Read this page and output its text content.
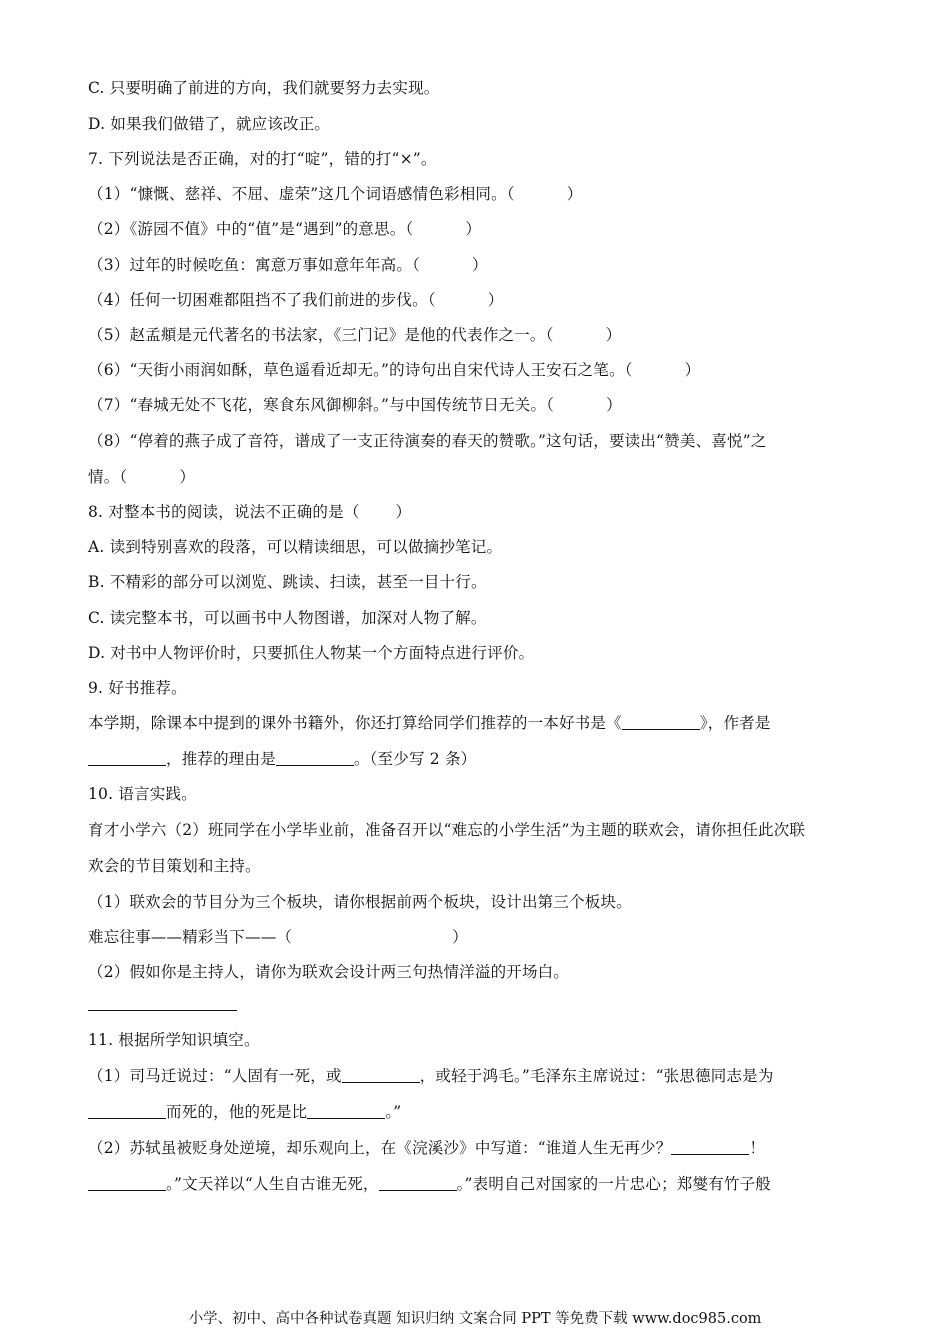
C. 只要明确了前进的方向，我们就要努力去实现。
D. 如果我们做错了，就应该改正。
7. 下列说法是否正确，对的打“啶”，错的打“×”。
（1）“慷慨、慈祥、不屈、虚荣”这几个词语感情色彩相同。（	）
（2）《游园不值》中的“值”是“遇到”的意思。（	）
（3）过年的时候吃鱼：寓意万事如意年年高。（	）
（4）任何一切困难都阻挡不了我们前进的步伐。（	）
（5）赵孟頫是元代著名的书法家，《三门记》是他的代表作之一。（	）
（6）“天街小雨润如酥，草色遥看近却无。”的诗句出自宋代诗人王安石之笔。（	）
（7）“春城无处不飞花，寒食东风御柳斜。”与中国传统节日无关。（	）
（8）“停着的燕子成了音符，谱成了一支正待演奏的春天的赞歌。”这句话，要读出“赞美、喜悦”之
情。（	）
8. 对整本书的阅读，说法不正确的是（ ）
A. 读到特别喜欢的段落，可以精读细思，可以做摘抄笔记。
B. 不精彩的部分可以浏览、跳读、扫读，甚至一目十行。
C. 读完整本书，可以画书中人物图谱，加深对人物了解。
D. 对书中人物评价时，只要抓住人物某一个方面特点进行评价。
9. 好书推荐。
本学期，除课本中提到的课外书籍外，你还打算给同学们推荐的一本好书是《	》，作者是
，推荐的理由是	。（至少写 2 条）
10. 语言实践。
育才小学六（2）班同学在小学毕业前，准备召开以“难忘的小学生活”为主题的联欢会，请你担任此次联
欢会的节目策划和主持。
（1）联欢会的节目分为三个板块，请你根据前两个板块，设计出第三个板块。
难忘往事——精彩当下——（	）
（2）假如你是主持人，请你为联欢会设计两三句热情洋溢的开场白。
11. 根据所学知识填空。
（1）司马迁说过：“人固有一死，或	，或轻于鸿毛。”毛泽东主席说过：“张思德同志是为
而死的，他的死是比	。”
（2）苏轼虽被贬身处逆境，却乐观向上，在《浣溪沙》中写道：“谁道人生无再少？	！
。”文天祥以“人生自古谁无死，	。”表明自己对国家的一片忠心；郑燮有竹子般
小学、初中、高中各种试卷真题 知识归纳 文案合同 PPT 等免费下载 www.doc985.com
